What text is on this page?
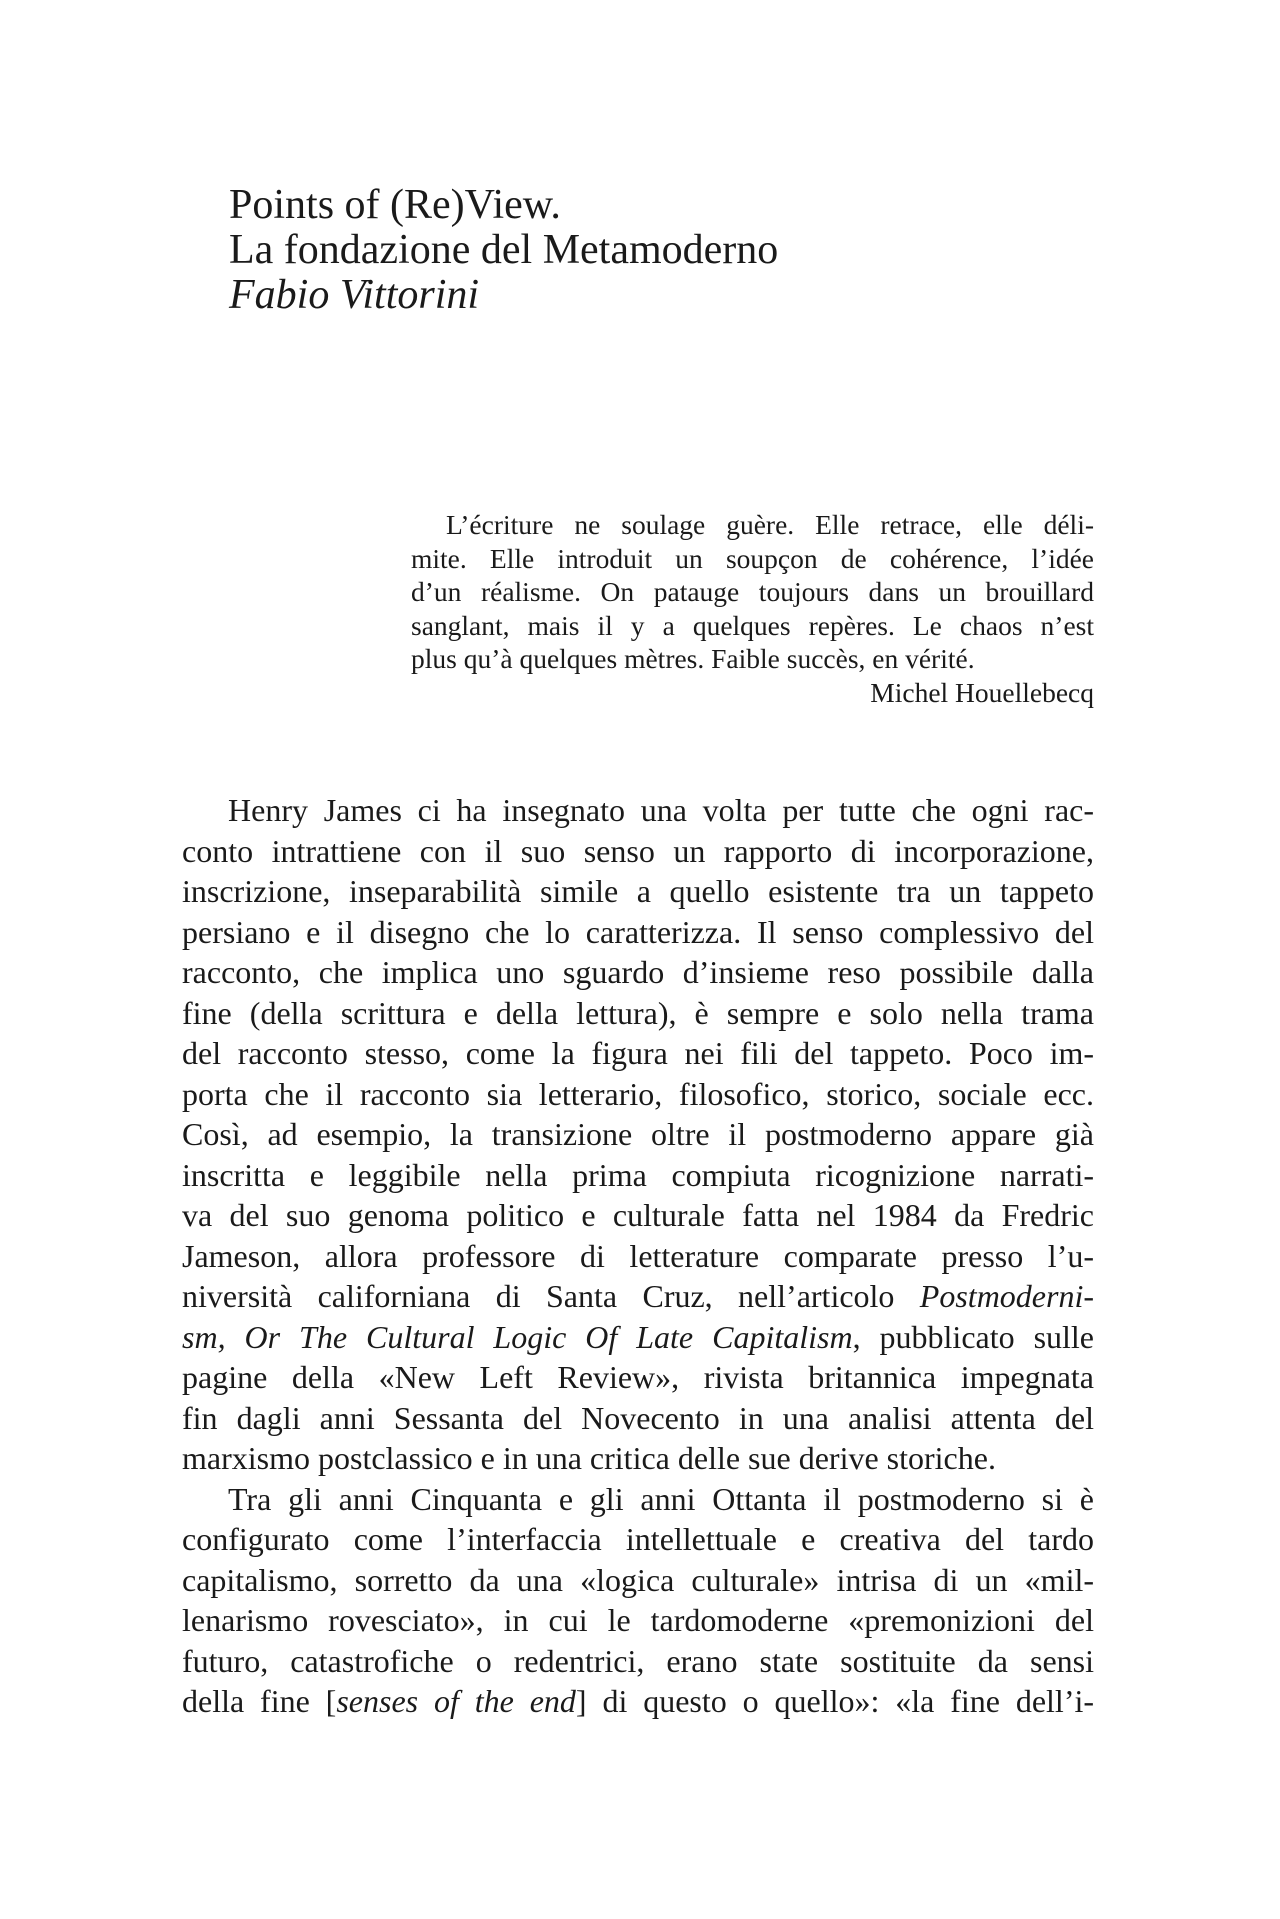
Points of (Re)View.
La fondazione del Metamoderno
Fabio Vittorini
L’écriture ne soulage guère. Elle retrace, elle déli-
mite. Elle introduit un soupçon de cohérence, l’idée
d’un réalisme. On patauge toujours dans un brouillard
sanglant, mais il y a quelques repères. Le chaos n’est
plus qu’à quelques mètres. Faible succès, en vérité.
Michel Houellebecq
Henry James ci ha insegnato una volta per tutte che ogni rac-
conto intrattiene con il suo senso un rapporto di incorporazione,
inscrizione, inseparabilità simile a quello esistente tra un tappeto
persiano e il disegno che lo caratterizza. Il senso complessivo del
racconto, che implica uno sguardo d’insieme reso possibile dalla
fine (della scrittura e della lettura), è sempre e solo nella trama
del racconto stesso, come la figura nei fili del tappeto. Poco im-
porta che il racconto sia letterario, filosofico, storico, sociale ecc.
Così, ad esempio, la transizione oltre il postmoderno appare già
inscritta e leggibile nella prima compiuta ricognizione narrati-
va del suo genoma politico e culturale fatta nel 1984 da Fredric
Jameson, allora professore di letterature comparate presso l’u-
niversità californiana di Santa Cruz, nell’articolo Postmoderni-
sm, Or The Cultural Logic Of Late Capitalism, pubblicato sulle
pagine della «New Left Review», rivista britannica impegnata
fin dagli anni Sessanta del Novecento in una analisi attenta del
marxismo postclassico e in una critica delle sue derive storiche.
Tra gli anni Cinquanta e gli anni Ottanta il postmoderno si è
configurato come l’interfaccia intellettuale e creativa del tardo
capitalismo, sorretto da una «logica culturale» intrisa di un «mil-
lenarismo rovesciato», in cui le tardomoderne «premonizioni del
futuro, catastrofiche o redentrici, erano state sostituite da sensi
della fine [senses of the end] di questo o quello»: «la fine dell’i-
